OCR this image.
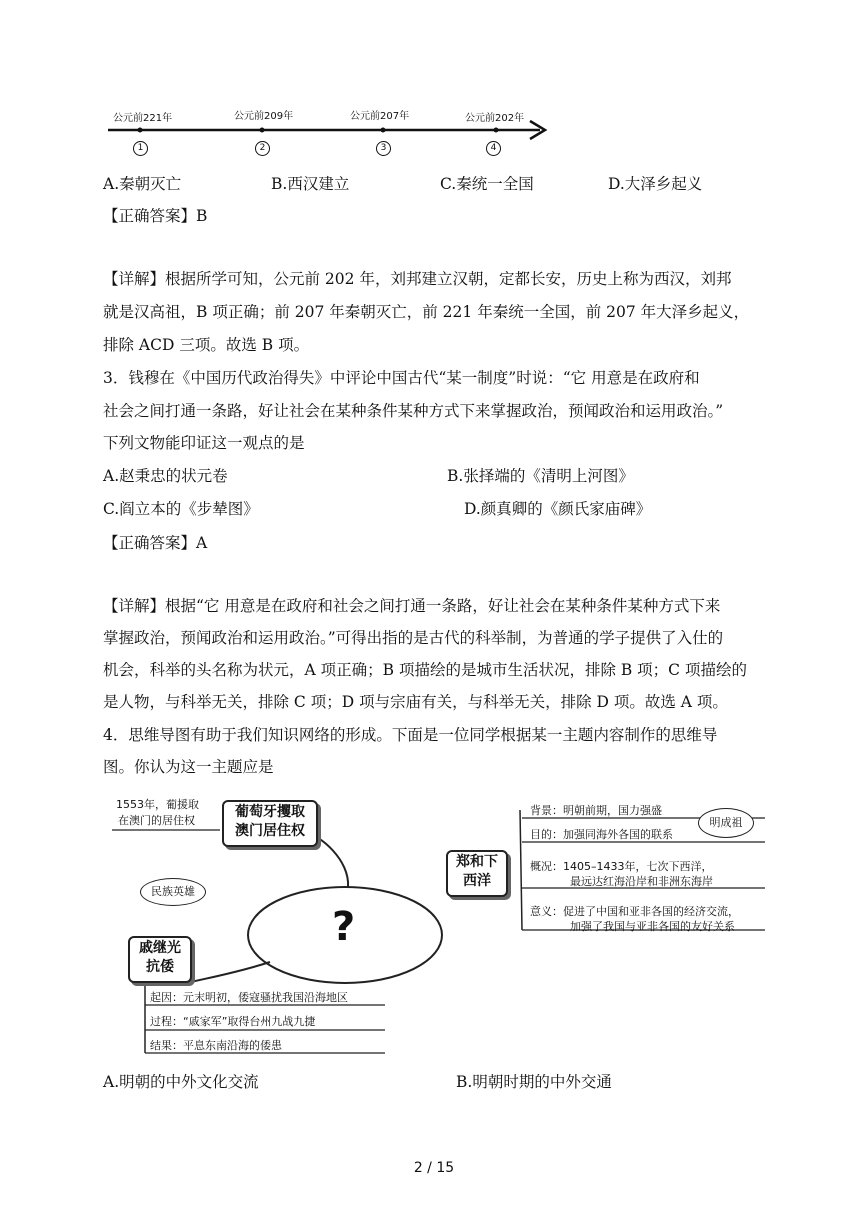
公元前221年	公元前209年	公元前207年	公元前202年
1	2	3	4
A.秦朝灭亡	B.西汉建立	C.秦统一全国	D.大泽乡起义
【正确答案】B
【详解】根据所学可知，公元前 202 年，刘邦建立汉朝，定都长安，历史上称为西汉，刘邦
就是汉高祖，B 项正确；前 207 年秦朝灭亡，前 221 年秦统一全国，前 207 年大泽乡起义，
排除 ACD 三项。故选 B 项。
3．钱穆在《中国历代政治得失》中评论中国古代“某一制度”时说：“它 用意是在政府和
社会之间打通一条路，好让社会在某种条件某种方式下来掌握政治，预闻政治和运用政治。”
下列文物能印证这一观点的是
A.赵秉忠的状元卷	B.张择端的《清明上河图》
C.阎立本的《步辇图》	D.颜真卿的《颜氏家庙碑》
【正确答案】A
【详解】根据“它 用意是在政府和社会之间打通一条路，好让社会在某种条件某种方式下来
掌握政治，预闻政治和运用政治。”可得出指的是古代的科举制，为普通的学子提供了入仕的
机会，科举的头名称为状元，A 项正确；B 项描绘的是城市生活状况，排除 B 项；C 项描绘的
是人物，与科举无关，排除 C 项；D 项与宗庙有关，与科举无关，排除 D 项。故选 A 项。
4．思维导图有助于我们知识网络的形成。下面是一位同学根据某一主题内容制作的思维导
图。你认为这一主题应是
?
1553年，葡援取
在澳门的居住权
葡萄牙攫取
澳门居住权
郑和下
西洋
明成祖
背景：明朝前期，国力强盛
目的：加强同海外各国的联系
概况：1405–1433年，七次下西洋，
最远达红海沿岸和非洲东海岸
意义：促进了中国和亚非各国的经济交流，
加强了我国与亚非各国的友好关系
民族英雄
戚继光
抗倭
起因：元末明初，倭寇骚扰我国沿海地区
过程：“戚家军”取得台州九战九捷
结果：平息东南沿海的倭患
A.明朝的中外文化交流	B.明朝时期的中外交通
2 / 15
